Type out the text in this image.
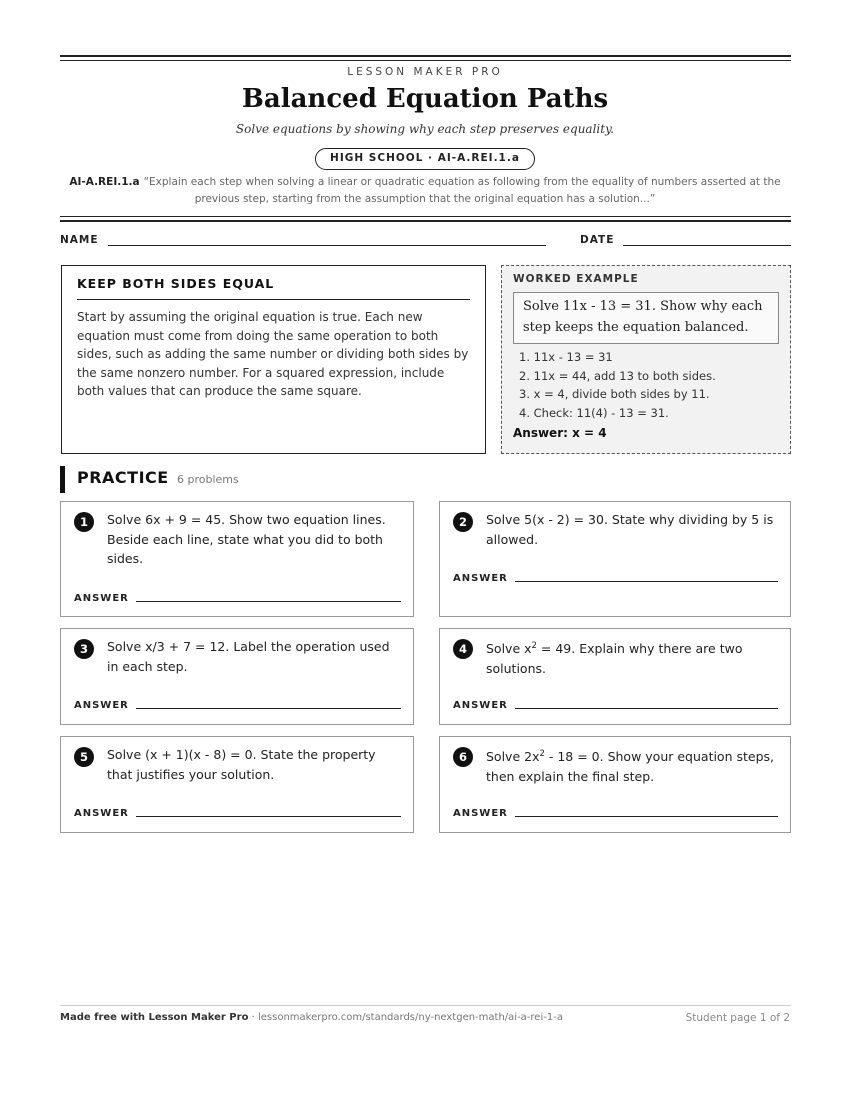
LESSON MAKER PRO
Balanced Equation Paths
Solve equations by showing why each step preserves equality.
HIGH SCHOOL · AI-A.REI.1.a
AI-A.REI.1.a “Explain each step when solving a linear or quadratic equation as following from the equality of numbers asserted at the previous step, starting from the assumption that the original equation has a solution...”
NAME	DATE
KEEP BOTH SIDES EQUAL

Start by assuming the original equation is true. Each new equation must come from doing the same operation to both sides, such as adding the same number or dividing both sides by the same nonzero number. For a squared expression, include both values that can produce the same square.

WORKED EXAMPLE
Solve 11x - 13 = 31. Show why each step keeps the equation balanced.
1. 11x - 13 = 31
2. 11x = 44, add 13 to both sides.
3. x = 4, divide both sides by 11.
4. Check: 11(4) - 13 = 31.
Answer: x = 4
PRACTICE 6 problems
1	Solve 6x + 9 = 45. Show two equation lines. Beside each line, state what you did to both sides.
ANSWER
2	Solve 5(x - 2) = 30. State why dividing by 5 is allowed.
ANSWER
3	Solve x/3 + 7 = 12. Label the operation used in each step.
ANSWER
4	Solve $x^2 = 49$. Explain why there are two solutions.
ANSWER
5	Solve (x + 1)(x - 8) = 0. State the property that justifies your solution.
ANSWER
6	Solve $2x^2 - 18 = 0$. Show your equation steps, then explain the final step.
ANSWER
Made free with Lesson Maker Pro · lessonmakerpro.com/standards/ny-nextgen-math/ai-a-rei-1-a	Student page 1 of 2
